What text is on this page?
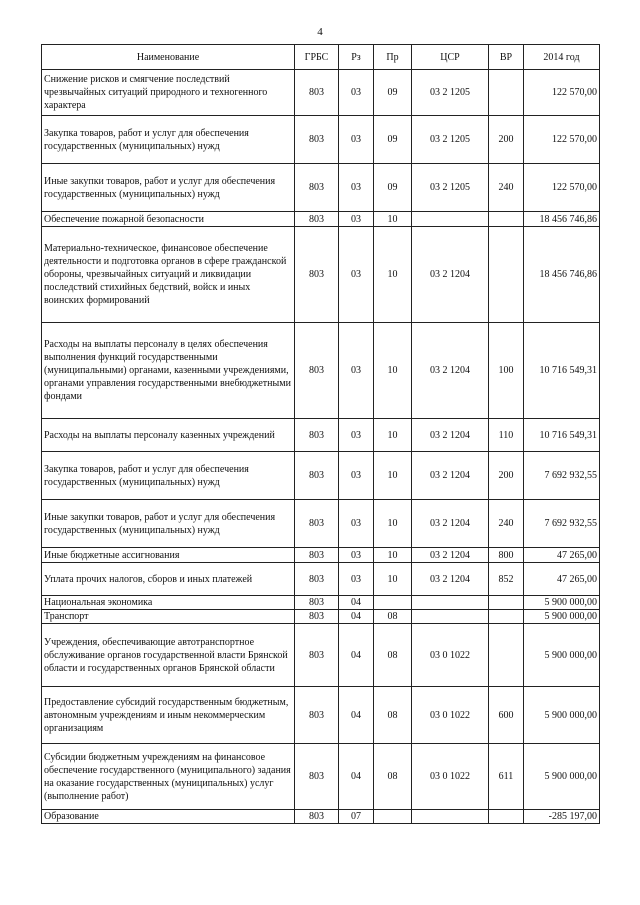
4
Наименование	ГРБС	Рз	Пр	ЦСР	ВР	2014 год
Снижение рисков и смягчение последствий чрезвычайных ситуаций природного и техногенного характера	803	03	09	03 2 1205		122 570,00
Закупка товаров, работ и услуг для обеспечения государственных (муниципальных) нужд	803	03	09	03 2 1205	200	122 570,00
Иные закупки товаров, работ и услуг для обеспечения государственных (муниципальных) нужд	803	03	09	03 2 1205	240	122 570,00
Обеспечение пожарной безопасности	803	03	10			18 456 746,86
Материально-техническое, финансовое обеспечение деятельности и подготовка органов в сфере гражданской обороны, чрезвычайных ситуаций и ликвидации последствий стихийных бедствий, войск и иных воинских формирований	803	03	10	03 2 1204		18 456 746,86
Расходы на выплаты персоналу в целях обеспечения выполнения функций государственными (муниципальными) органами, казенными учреждениями, органами управления государственными внебюджетными фондами	803	03	10	03 2 1204	100	10 716 549,31
Расходы на выплаты персоналу казенных учреждений	803	03	10	03 2 1204	110	10 716 549,31
Закупка товаров, работ и услуг для обеспечения государственных (муниципальных) нужд	803	03	10	03 2 1204	200	7 692 932,55
Иные закупки товаров, работ и услуг для обеспечения государственных (муниципальных) нужд	803	03	10	03 2 1204	240	7 692 932,55
Иные бюджетные ассигнования	803	03	10	03 2 1204	800	47 265,00
Уплата прочих налогов, сборов и иных платежей	803	03	10	03 2 1204	852	47 265,00
Национальная экономика	803	04				5 900 000,00
Транспорт	803	04	08			5 900 000,00
Учреждения, обеспечивающие автотранспортное обслуживание органов государственной власти Брянской области и государственных органов Брянской области	803	04	08	03 0 1022		5 900 000,00
Предоставление субсидий государственным бюджетным, автономным учреждениям и иным некоммерческим организациям	803	04	08	03 0 1022	600	5 900 000,00
Субсидии бюджетным учреждениям на финансовое обеспечение государственного (муниципального) задания на оказание государственных (муниципальных) услуг (выполнение работ)	803	04	08	03 0 1022	611	5 900 000,00
Образование	803	07				-285 197,00
